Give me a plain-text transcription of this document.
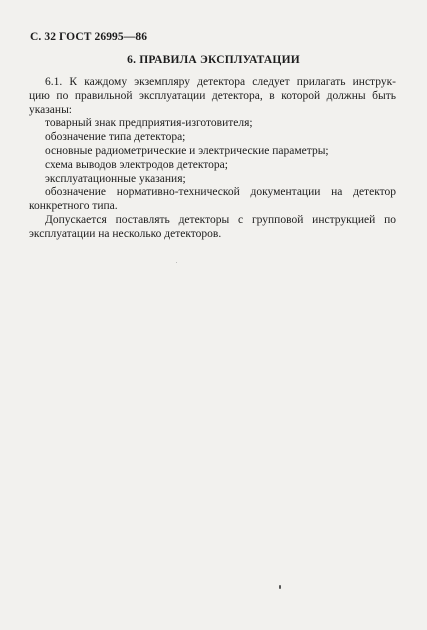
С. 32 ГОСТ 26995—86
6. ПРАВИЛА ЭКСПЛУАТАЦИИ
6.1. К каждому экземпляру детектора следует прилагать инструк-
цию по правильной эксплуатации детектора, в которой должны быть
указаны:
товарный знак предприятия-изготовителя;
обозначение типа детектора;
основные радиометрические и электрические параметры;
схема выводов электродов детектора;
эксплуатационные указания;
обозначение нормативно-технической документации на детектор
конкретного типа.
Допускается поставлять детекторы с групповой инструкцией по
эксплуатации на несколько детекторов.
